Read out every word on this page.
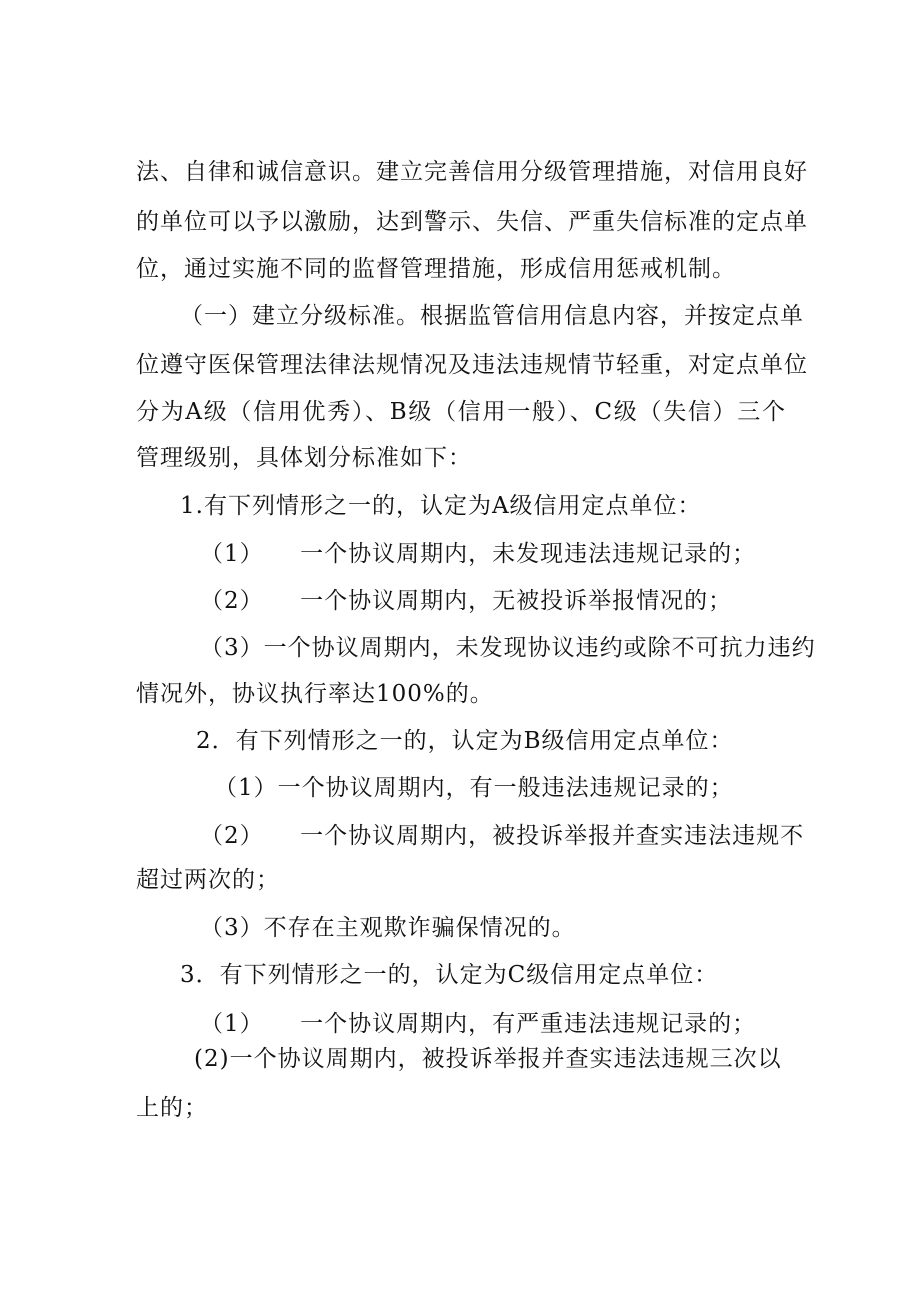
法、自律和诚信意识。建立完善信用分级管理措施，对信用良好
的单位可以予以激励，达到警示、失信、严重失信标准的定点单
位，通过实施不同的监督管理措施，形成信用惩戒机制。
（一）建立分级标准。根据监管信用信息内容，并按定点单
位遵守医保管理法律法规情况及违法违规情节轻重，对定点单位
分为A级（信用优秀）、B级（信用一般）、C级（失信）三个
管理级别，具体划分标准如下：
1.有下列情形之一的，认定为A级信用定点单位：
（1）　　一个协议周期内，未发现违法违规记录的；
（2）　　一个协议周期内，无被投诉举报情况的；
（3）一个协议周期内，未发现协议违约或除不可抗力违约
情况外，协议执行率达100%的。
2．有下列情形之一的，认定为B级信用定点单位：
（1）一个协议周期内，有一般违法违规记录的；
（2）　　一个协议周期内，被投诉举报并查实违法违规不
超过两次的；
（3）不存在主观欺诈骗保情况的。
3．有下列情形之一的，认定为C级信用定点单位：
（1）　　一个协议周期内，有严重违法违规记录的；
(2)一个协议周期内，被投诉举报并查实违法违规三次以
上的；
